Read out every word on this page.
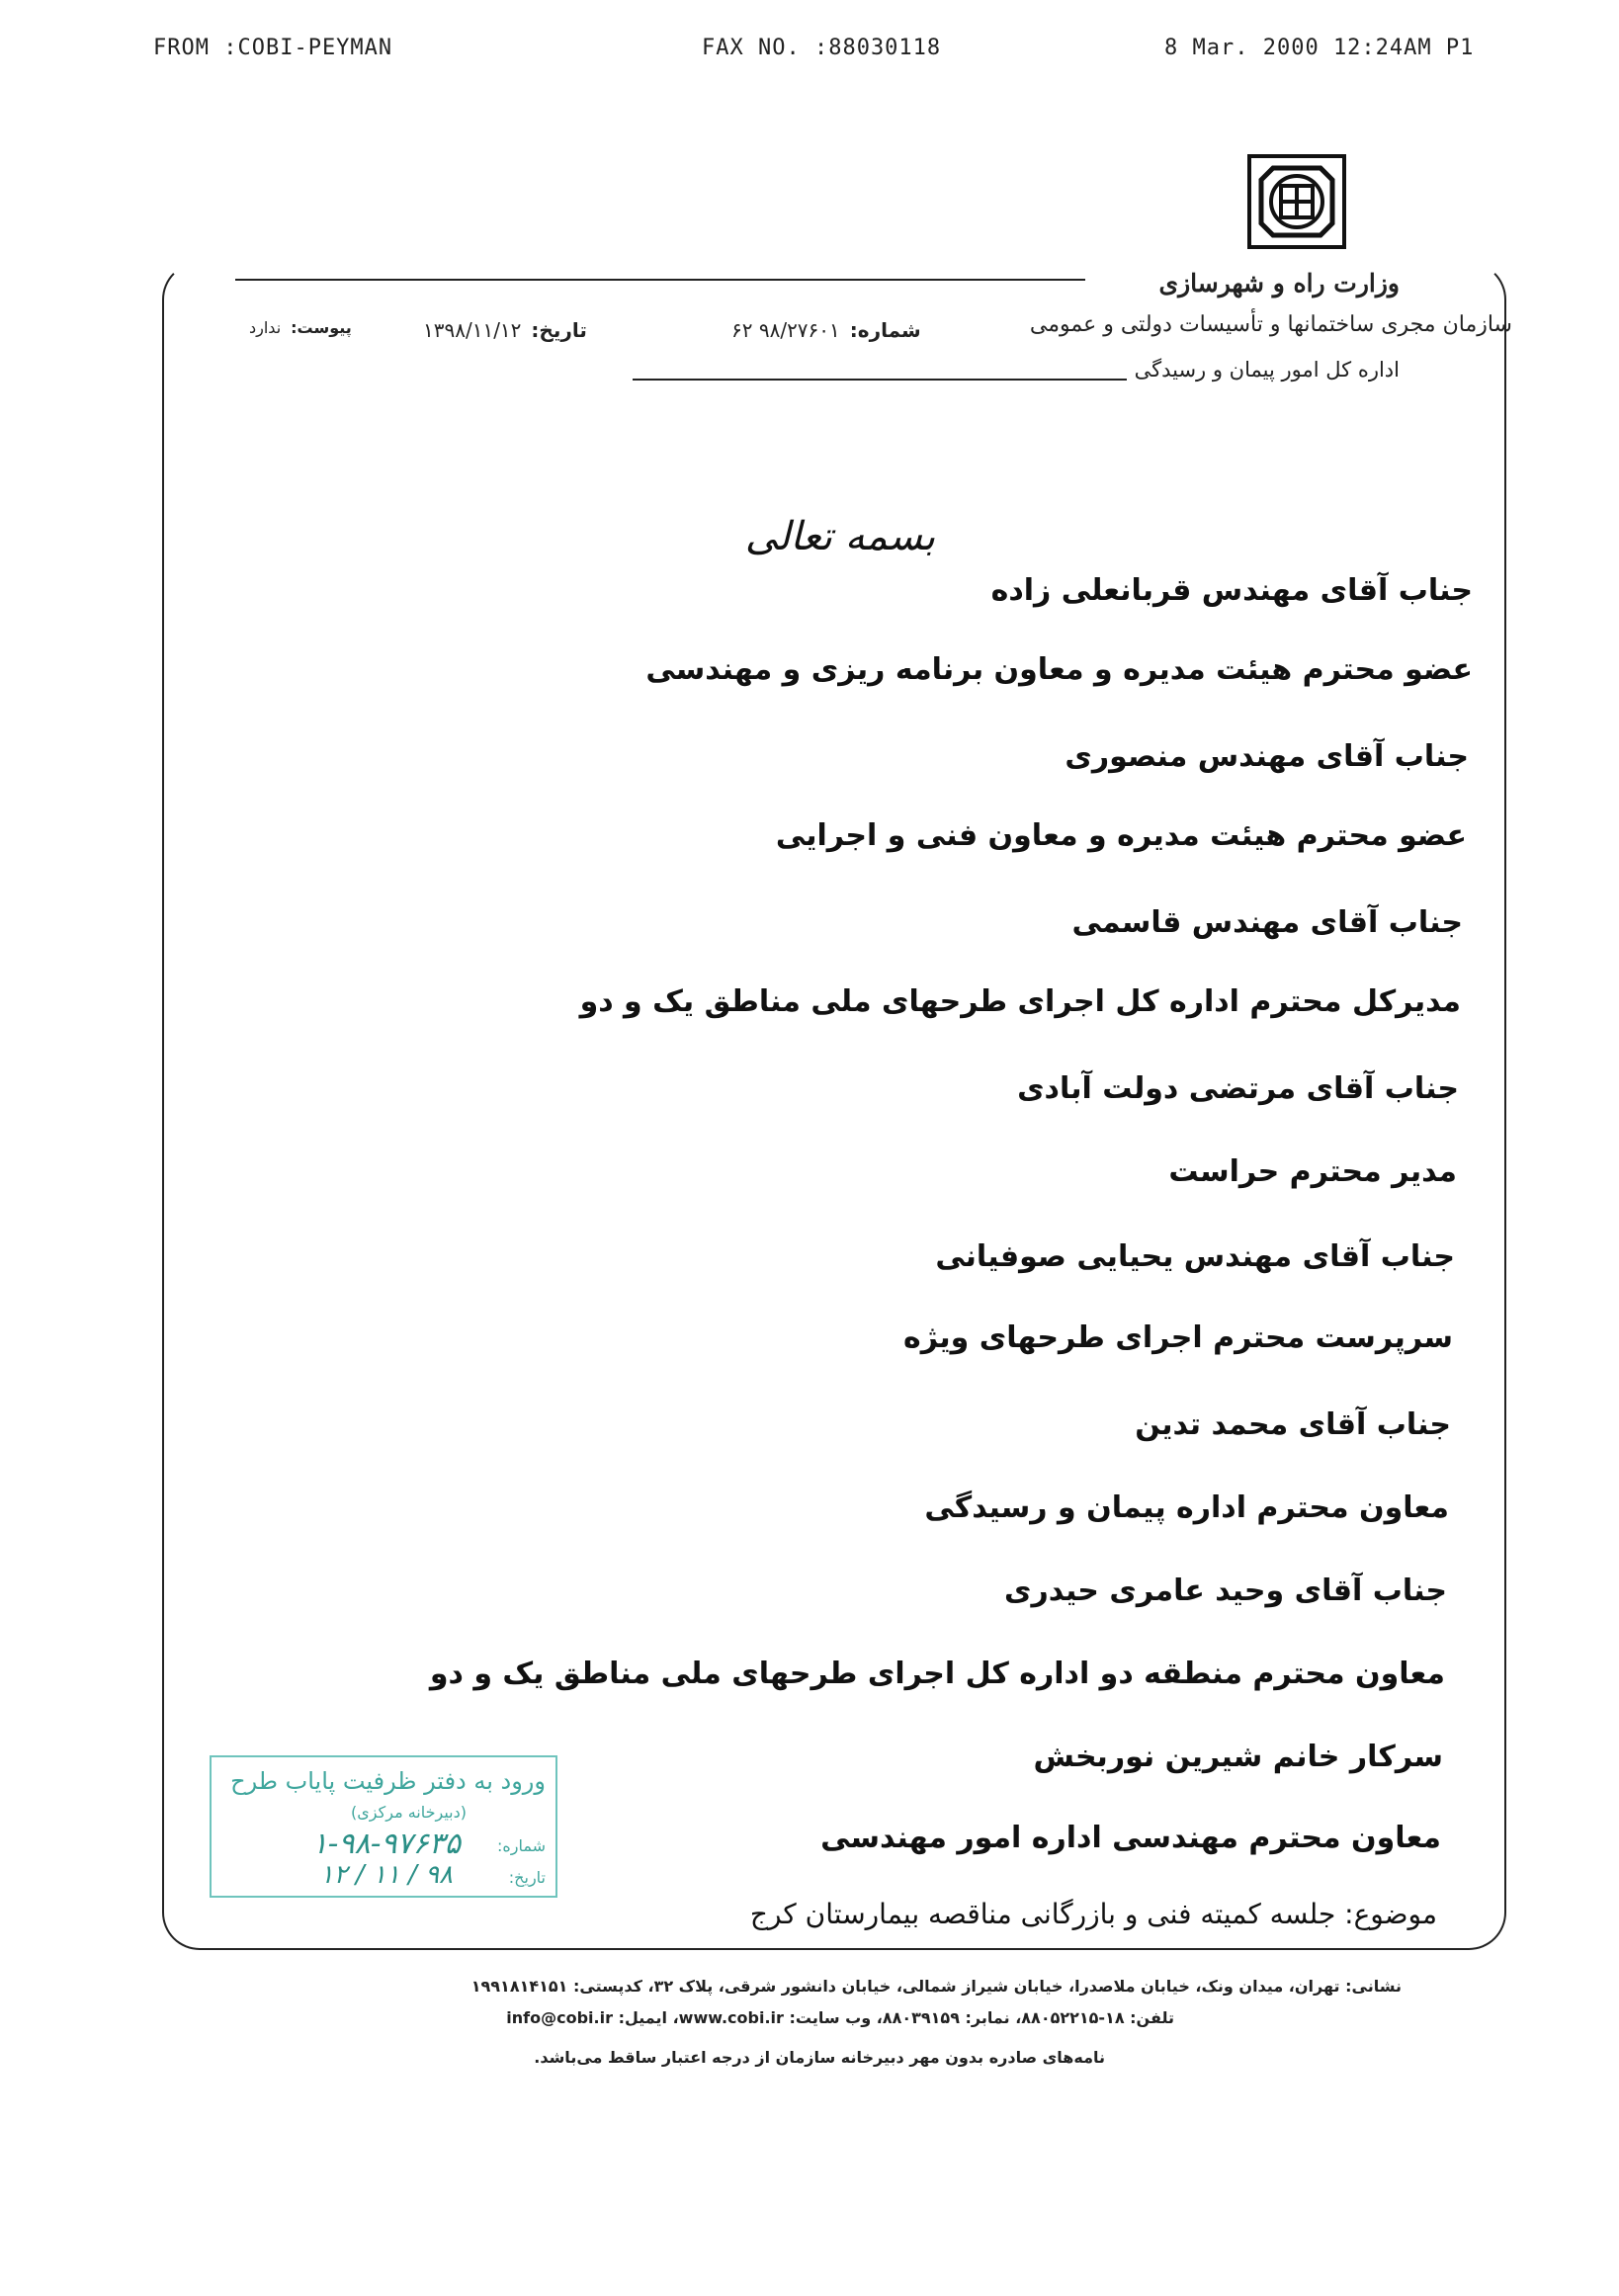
FROM :COBI-PEYMAN	FAX NO. :88030118	8 Mar. 2000 12:24AM P1
وزارت راه و شهرسازی
سازمان مجری ساختمانها و تأسیسات دولتی و عمومی
اداره کل امور پیمان و رسیدگی
شماره:۹۸/۲۷۶۰۱ ۶۲
تاریخ:۱۳۹۸/۱۱/۱۲
پیوست:ندارد
بسمه تعالی
جناب آقای مهندس قربانعلی زاده
عضو محترم هیئت مدیره و معاون برنامه ریزی و مهندسی
جناب آقای مهندس منصوری
عضو محترم هیئت مدیره و معاون فنی و اجرایی
جناب آقای مهندس قاسمی
مدیرکل محترم اداره کل اجرای طرحهای ملی مناطق یک و دو
جناب آقای مرتضی دولت آبادی
مدیر محترم حراست
جناب آقای مهندس یحیایی صوفیانی
سرپرست محترم اجرای طرحهای ویژه
جناب آقای محمد تدین
معاون محترم اداره پیمان و رسیدگی
جناب آقای وحید عامری حیدری
معاون محترم منطقه دو اداره کل اجرای طرحهای ملی مناطق یک و دو
سرکار خانم شیرین نوربخش
معاون محترم مهندسی اداره امور مهندسی
موضوع: جلسه کمیته فنی و بازرگانی مناقصه بیمارستان کرج
ورود به دفتر ظرفیت پایاب طرح
(دبیرخانه مرکزی)
شماره:
۱-۹۸-۹۷۶۳۵
تاریخ:
۹۸ / ۱۱ / ۱۲
نشانی: تهران، میدان ونک، خیابان ملاصدرا، خیابان شیراز شمالی، خیابان دانشور شرقی، پلاک ۳۲، کدپستی: ۱۹۹۱۸۱۴۱۵۱
تلفن: ۱۸-۸۸۰۵۲۲۱۵، نمابر: ۸۸۰۳۹۱۵۹، وب سایت: www.cobi.ir، ایمیل: info@cobi.ir
نامه‌های صادره بدون مهر دبیرخانه سازمان از درجه اعتبار ساقط می‌باشد.
